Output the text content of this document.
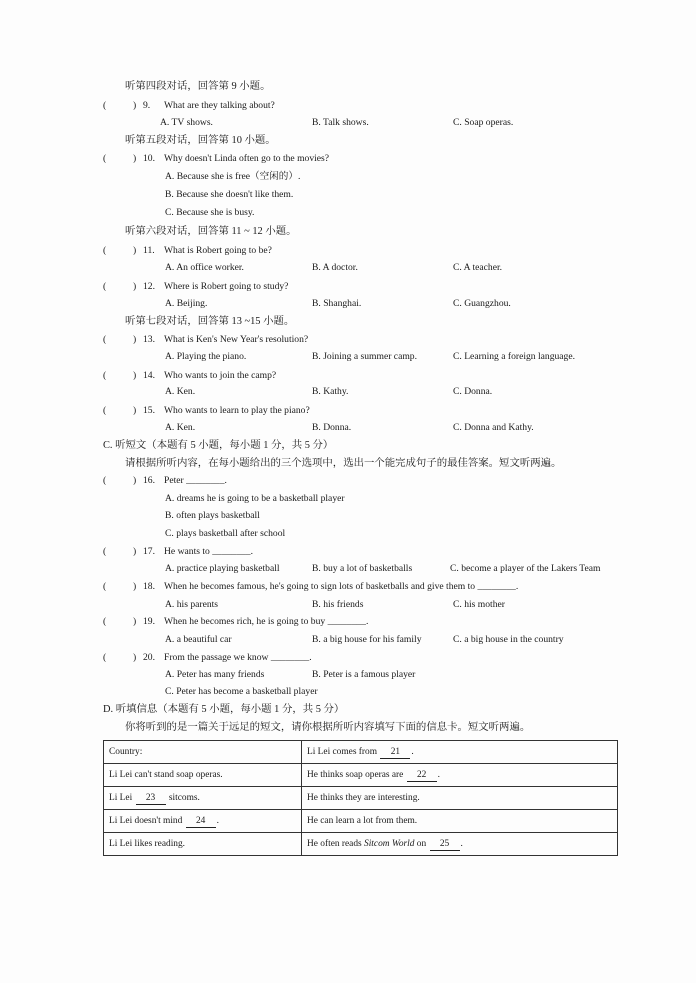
听第四段对话，回答第 9 小题。
(	) 9. What are they talking about?
A. TV shows.	B. Talk shows.	C. Soap operas.
听第五段对话，回答第 10 小题。
(	) 10. Why doesn't Linda often go to the movies?
A. Because she is free（空闲的）.
B. Because she doesn't like them.
C. Because she is busy.
听第六段对话，回答第 11 ~ 12 小题。
(	) 11. What is Robert going to be?
A. An office worker.	B. A doctor.	C. A teacher.
(	) 12. Where is Robert going to study?
A. Beijing.	B. Shanghai.	C. Guangzhou.
听第七段对话，回答第 13 ~15 小题。
(	) 13. What is Ken's New Year's resolution?
A. Playing the piano.	B. Joining a summer camp.	C. Learning a foreign language.
(	) 14. Who wants to join the camp?
A. Ken.	B. Kathy.	C. Donna.
(	) 15. Who wants to learn to play the piano?
A. Ken.	B. Donna.	C. Donna and Kathy.
C. 听短文（本题有 5 小题，每小题 1 分，共 5 分）
请根据所听内容，在每小题给出的三个选项中，选出一个能完成句子的最佳答案。短文听两遍。
(	) 16. Peter ________.
A. dreams he is going to be a basketball player
B. often plays basketball
C. plays basketball after school
(	) 17. He wants to ________.
A. practice playing basketball	B. buy a lot of basketballs	C. become a player of the Lakers Team
(	) 18. When he becomes famous, he's going to sign lots of basketballs and give them to ________.
A. his parents	B. his friends	C. his mother
(	) 19. When he becomes rich, he is going to buy ________.
A. a beautiful car	B. a big house for his family	C. a big house in the country
(	) 20. From the passage we know ________.
A. Peter has many friends	B. Peter is a famous player
C. Peter has become a basketball player
D. 听填信息（本题有 5 小题，每小题 1 分，共 5 分）
你将听到的是一篇关于远足的短文，请你根据所听内容填写下面的信息卡。短文听两遍。
Country:	Li Lei comes from 21 .
Li Lei can't stand soap operas.	He thinks soap operas are 22 .
Li Lei 23 sitcoms.	He thinks they are interesting.
Li Lei doesn't mind 24 .	He can learn a lot from them.
Li Lei likes reading.	He often reads Sitcom World on 25 .
